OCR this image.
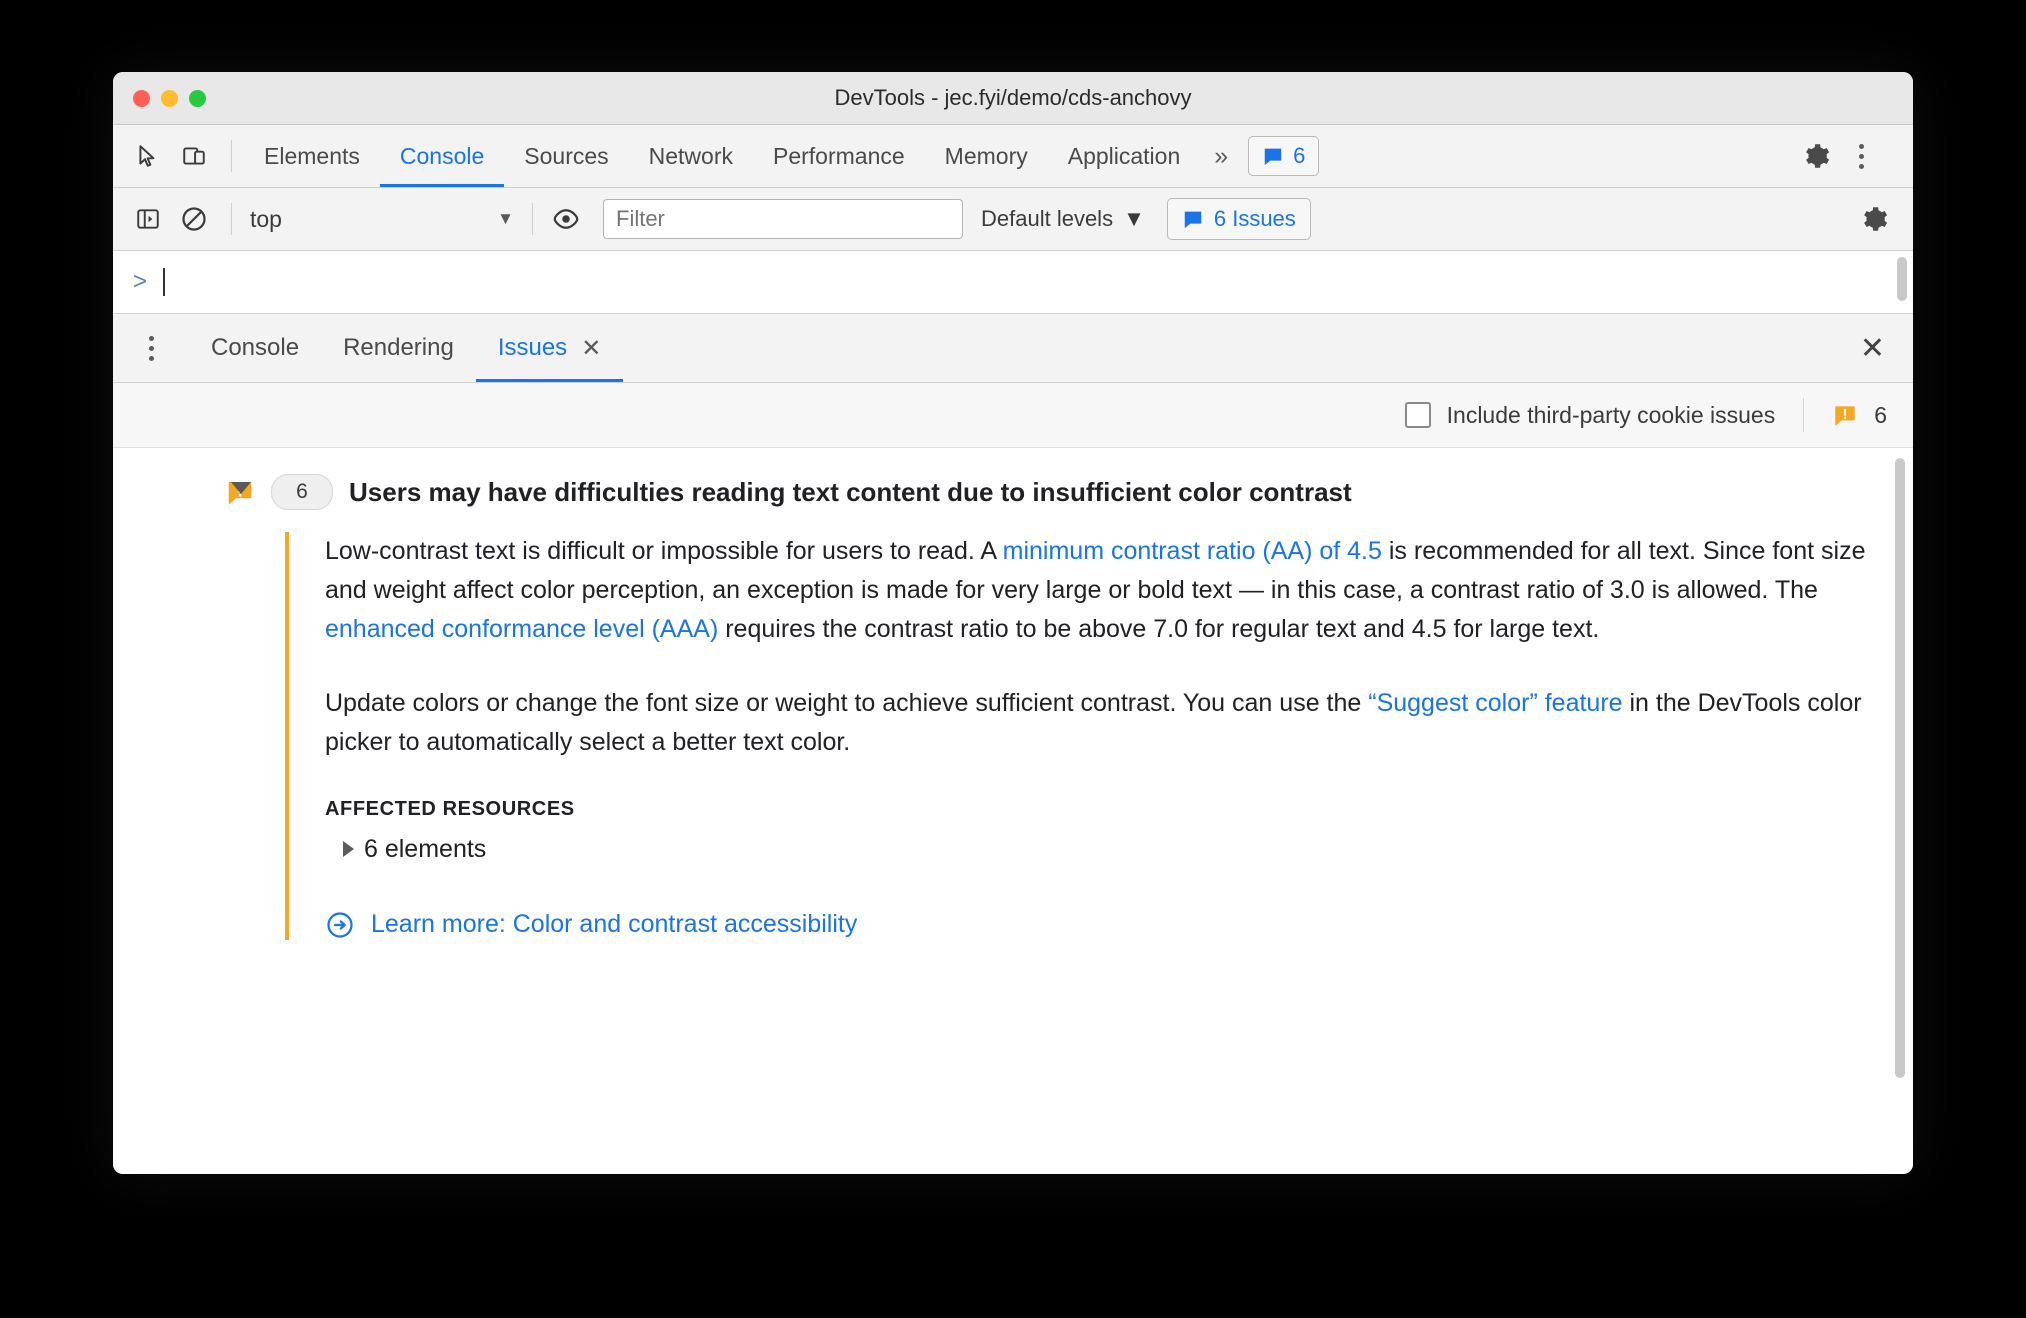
DevTools - jec.fyi/demo/cds-anchovy
Elements	Console	Sources	Network	Performance	Memory	Application	»	6
top	▼
Filter	Default levels ▼	6 Issues
>
Console Rendering Issues ✕	✕
Include third-party cookie issues	6
6	Users may have difficulties reading text content due to insufficient color contrast

Low-contrast text is difficult or impossible for users to read. A minimum contrast ratio (AA) of 4.5 is recommended for all text. Since font size and weight affect color perception, an exception is made for very large or bold text — in this case, a contrast ratio of 3.0 is allowed. The enhanced conformance level (AAA) requires the contrast ratio to be above 7.0 for regular text and 4.5 for large text.

Update colors or change the font size or weight to achieve sufficient contrast. You can use the “Suggest color” feature in the DevTools color picker to automatically select a better text color.

AFFECTED RESOURCES
6 elements
Learn more: Color and contrast accessibility
